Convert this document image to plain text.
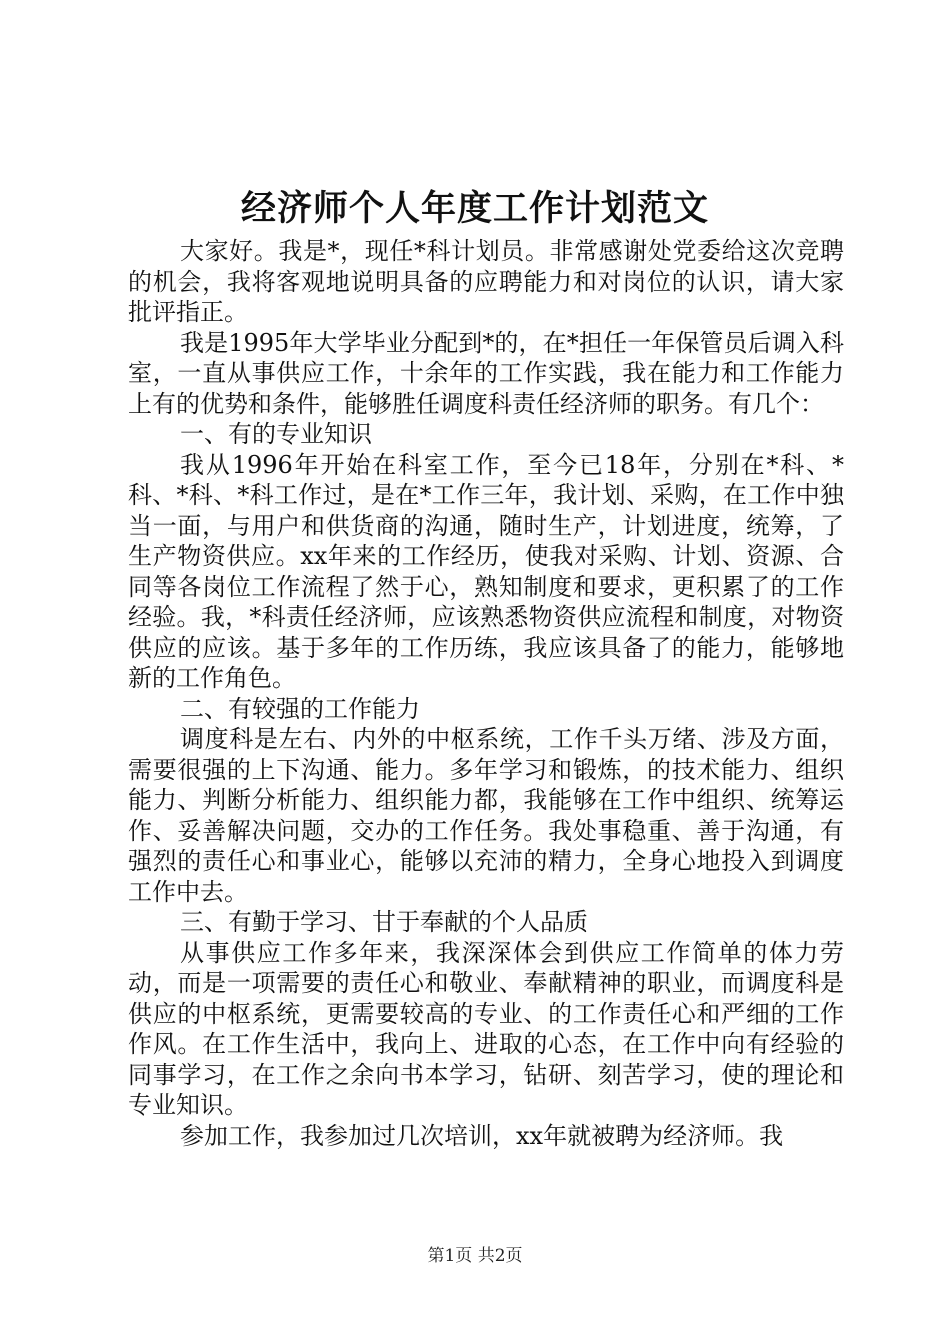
经济师个人年度工作计划范文

大家好。我是*，现任*科计划员。非常感谢处党委给这次竞聘的机会，我将客观地说明具备的应聘能力和对岗位的认识，请大家批评指正。

我是1995年大学毕业分配到*的，在*担任一年保管员后调入科室，一直从事供应工作，十余年的工作实践，我在能力和工作能力上有的优势和条件，能够胜任调度科责任经济师的职务。有几个：

一、有的专业知识

我从1996年开始在科室工作，至今已18年，分别在*科、*科、*科、*科工作过，是在*工作三年，我计划、采购，在工作中独当一面，与用户和供货商的沟通，随时生产，计划进度，统筹，了生产物资供应。xx年来的工作经历，使我对采购、计划、资源、合同等各岗位工作流程了然于心，熟知制度和要求，更积累了的工作经验。我，*科责任经济师，应该熟悉物资供应流程和制度，对物资供应的应该。基于多年的工作历练，我应该具备了的能力，能够地新的工作角色。

二、有较强的工作能力

调度科是左右、内外的中枢系统，工作千头万绪、涉及方面，需要很强的上下沟通、能力。多年学习和锻炼，的技术能力、组织能力、判断分析能力、组织能力都，我能够在工作中组织、统筹运作、妥善解决问题，交办的工作任务。我处事稳重、善于沟通，有强烈的责任心和事业心，能够以充沛的精力，全身心地投入到调度工作中去。

三、有勤于学习、甘于奉献的个人品质

从事供应工作多年来，我深深体会到供应工作简单的体力劳动，而是一项需要的责任心和敬业、奉献精神的职业，而调度科是供应的中枢系统，更需要较高的专业、的工作责任心和严细的工作作风。在工作生活中，我向上、进取的心态，在工作中向有经验的同事学习，在工作之余向书本学习，钻研、刻苦学习，使的理论和专业知识。

参加工作，我参加过几次培训，xx年就被聘为经济师。我

第1页 共2页
